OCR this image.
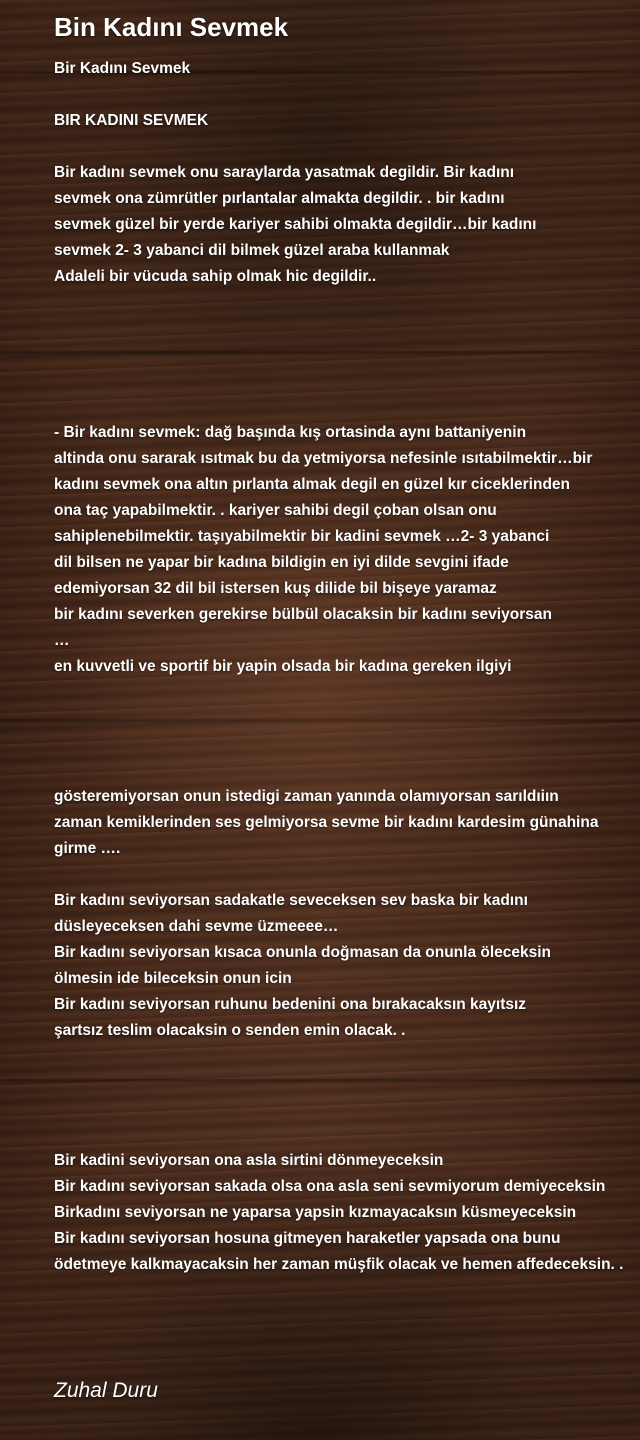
Bin Kadını Sevmek
Bir Kadını Sevmek
BIR KADINI SEVMEK
Bir kadını sevmek onu saraylarda yasatmak degildir. Bir kadını
sevmek ona zümrütler pırlantalar almakta degildir. . bir kadını
sevmek güzel bir yerde kariyer sahibi olmakta degildir…bir kadını
sevmek 2- 3 yabanci dil bilmek güzel araba kullanmak
Adaleli bir vücuda sahip olmak hic degildir..
- Bir kadını sevmek: dağ başında kış ortasinda aynı battaniyenin
altinda onu sararak ısıtmak bu da yetmiyorsa nefesinle ısıtabilmektir…bir
kadını sevmek ona altın pırlanta almak degil en güzel kır ciceklerinden
ona taç yapabilmektir. . kariyer sahibi degil çoban olsan onu
sahiplenebilmektir. taşıyabilmektir bir kadini sevmek …2- 3 yabanci
dil bilsen ne yapar bir kadına bildigin en iyi dilde sevgini ifade
edemiyorsan 32 dil bil istersen kuş dilide bil bişeye yaramaz
bir kadını severken gerekirse bülbül olacaksin bir kadını seviyorsan
…
en kuvvetli ve sportif bir yapin olsada bir kadına gereken ilgiyi
gösteremiyorsan onun istedigi zaman yanında olamıyorsan sarıldıiın
zaman kemiklerinden ses gelmiyorsa sevme bir kadını kardesim günahina
girme ….
Bir kadını seviyorsan sadakatle seveceksen sev baska bir kadını
düsleyeceksen dahi sevme üzmeeee…
Bir kadını seviyorsan kısaca onunla doğmasan da onunla öleceksin
ölmesin ide bileceksin onun icin
Bir kadını seviyorsan ruhunu bedenini ona bırakacaksın kayıtsız
şartsız teslim olacaksin o senden emin olacak. .
Bir kadini seviyorsan ona asla sirtini dönmeyeceksin
Bir kadını seviyorsan sakada olsa ona asla seni sevmiyorum demiyeceksin
Birkadını seviyorsan ne yaparsa yapsin kızmayacaksın küsmeyeceksin
Bir kadını seviyorsan hosuna gitmeyen haraketler yapsada ona bunu
ödetmeye kalkmayacaksin her zaman müşfik olacak ve hemen affedeceksin. .
Zuhal Duru
